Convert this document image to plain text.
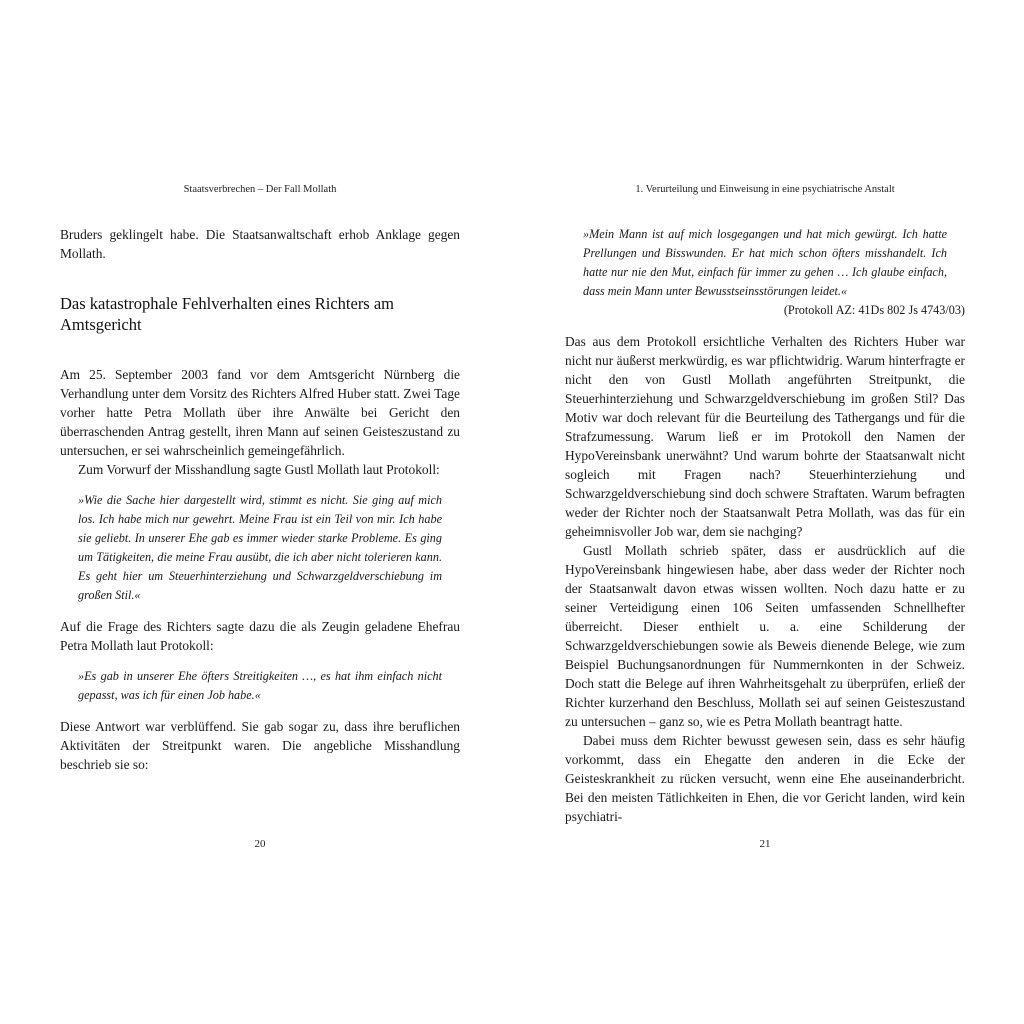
Staatsverbrechen – Der Fall Mollath

Bruders geklingelt habe. Die Staatsanwaltschaft erhob Anklage gegen Mollath.

Das katastrophale Fehlverhalten eines Richters am Amtsgericht

Am 25. September 2003 fand vor dem Amtsgericht Nürnberg die Verhandlung unter dem Vorsitz des Richters Alfred Huber statt. Zwei Tage vorher hatte Petra Mollath über ihre Anwälte bei Gericht den überraschenden Antrag gestellt, ihren Mann auf seinen Geisteszustand zu untersuchen, er sei wahrscheinlich gemeingefährlich.

Zum Vorwurf der Misshandlung sagte Gustl Mollath laut Protokoll:

»Wie die Sache hier dargestellt wird, stimmt es nicht. Sie ging auf mich los. Ich habe mich nur gewehrt. Meine Frau ist ein Teil von mir. Ich habe sie geliebt. In unserer Ehe gab es immer wieder starke Probleme. Es ging um Tätigkeiten, die meine Frau ausübt, die ich aber nicht tolerieren kann. Es geht hier um Steuerhinterziehung und Schwarzgeldverschiebung im großen Stil.«

Auf die Frage des Richters sagte dazu die als Zeugin geladene Ehefrau Petra Mollath laut Protokoll:

»Es gab in unserer Ehe öfters Streitigkeiten …, es hat ihm einfach nicht gepasst, was ich für einen Job habe.«

Diese Antwort war verblüffend. Sie gab sogar zu, dass ihre beruflichen Aktivitäten der Streitpunkt waren. Die angebliche Misshandlung beschrieb sie so:

20
1. Verurteilung und Einweisung in eine psychiatrische Anstalt
»Mein Mann ist auf mich losgegangen und hat mich gewürgt. Ich hatte Prellungen und Bisswunden. Er hat mich schon öfters misshandelt. Ich hatte nur nie den Mut, einfach für immer zu gehen … Ich glaube einfach, dass mein Mann unter Bewusstseinsstörungen leidet.«
(Protokoll AZ: 41Ds 802 Js 4743/03)

Das aus dem Protokoll ersichtliche Verhalten des Richters Huber war nicht nur äußerst merkwürdig, es war pflichtwidrig. Warum hinterfragte er nicht den von Gustl Mollath angeführten Streitpunkt, die Steuerhinterziehung und Schwarzgeldverschiebung im großen Stil? Das Motiv war doch relevant für die Beurteilung des Tathergangs und für die Strafzumessung. Warum ließ er im Protokoll den Namen der HypoVereinsbank unerwähnt? Und warum bohrte der Staatsanwalt nicht sogleich mit Fragen nach? Steuerhinterziehung und Schwarzgeldverschiebung sind doch schwere Straftaten. Warum befragten weder der Richter noch der Staatsanwalt Petra Mollath, was das für ein geheimnisvoller Job war, dem sie nachging?

Gustl Mollath schrieb später, dass er ausdrücklich auf die HypoVereinsbank hingewiesen habe, aber dass weder der Richter noch der Staatsanwalt davon etwas wissen wollten. Noch dazu hatte er zu seiner Verteidigung einen 106 Seiten umfassenden Schnellhefter überreicht. Dieser enthielt u. a. eine Schilderung der Schwarzgeldverschiebungen sowie als Beweis dienende Belege, wie zum Beispiel Buchungsanordnungen für Nummernkonten in der Schweiz. Doch statt die Belege auf ihren Wahrheitsgehalt zu überprüfen, erließ der Richter kurzerhand den Beschluss, Mollath sei auf seinen Geisteszustand zu untersuchen – ganz so, wie es Petra Mollath beantragt hatte.

Dabei muss dem Richter bewusst gewesen sein, dass es sehr häufig vorkommt, dass ein Ehegatte den anderen in die Ecke der Geisteskrankheit zu rücken versucht, wenn eine Ehe auseinanderbricht. Bei den meisten Tätlichkeiten in Ehen, die vor Gericht landen, wird kein psychiatri-

21
